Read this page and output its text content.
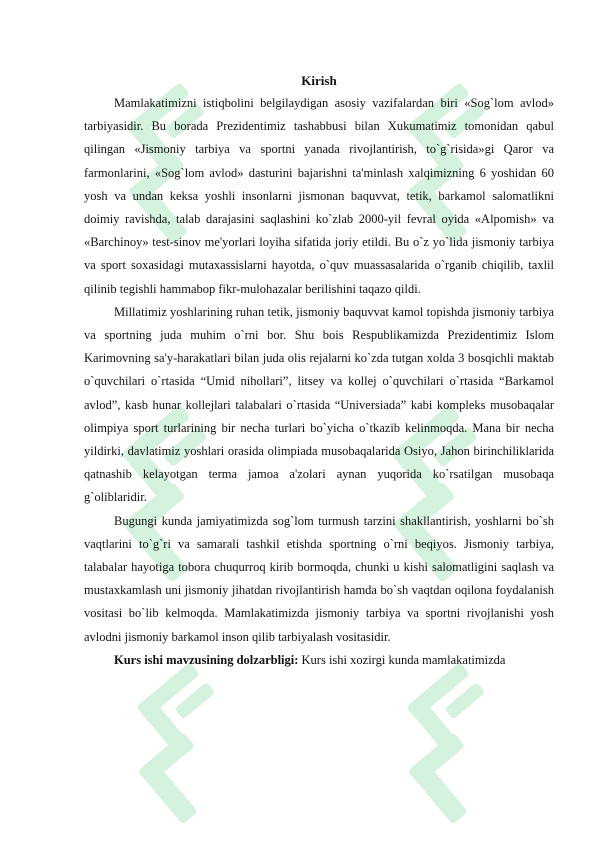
Kirish

Mamlakatimizni istiqbolini belgilaydigan asosiy vazifalardan biri «Sog`lom avlod» tarbiyasidir. Bu borada Prezidentimiz tashabbusi bilan Xukumatimiz tomonidan qabul qilingan «Jismoniy tarbiya va sportni yanada rivojlantirish, to`g`risida»gi Qaror va farmonlarini, «Sog`lom avlod» dasturini bajarishni ta'minlash xalqimizning 6 yoshidan 60 yosh va undan keksa yoshli insonlarni jismonan baquvvat, tetik, barkamol salomatlikni doimiy ravishda, talab darajasini saqlashini ko`zlab 2000-yil fevral oyida «Alpomish» va «Barchinoy» test-sinov me'yorlari loyiha sifatida joriy etildi. Bu o`z yo`lida jismoniy tarbiya va sport soxasidagi mutaxassislarni hayotda, o`quv muassasalarida o`rganib chiqilib, taxlil qilinib tegishli hammabop fikr-mulohazalar berilishini taqazo qildi.

Millatimiz yoshlarining ruhan tetik, jismoniy baquvvat kamol topishda jismoniy tarbiya va sportning juda muhim o`rni bor. Shu bois Respublikamizda Prezidentimiz Islom Karimovning sa'y-harakatlari bilan juda olis rejalarni ko`zda tutgan xolda 3 bosqichli maktab o`quvchilari o`rtasida “Umid nihollari”, litsey va kollej o`quvchilari o`rtasida “Barkamol avlod”, kasb hunar kollejlari talabalari o`rtasida “Universiada” kabi kompleks musobaqalar olimpiya sport turlarining bir necha turlari bo`yicha o`tkazib kelinmoqda. Mana bir necha yildirki, davlatimiz yoshlari orasida olimpiada musobaqalarida Osiyo, Jahon birinchiliklarida qatnashib kelayotgan terma jamoa a'zolari aynan yuqorida ko`rsatilgan musobaqa g`oliblaridir.

Bugungi kunda jamiyatimizda sog`lom turmush tarzini shakllantirish, yoshlarni bo`sh vaqtlarini to`g`ri va samarali tashkil etishda sportning o`rni beqiyos. Jismoniy tarbiya, talabalar hayotiga tobora chuqurroq kirib bormoqda, chunki u kishi salomatligini saqlash va mustaxkamlash uni jismoniy jihatdan rivojlantirish hamda bo`sh vaqtdan oqilona foydalanish vositasi bo`lib kelmoqda. Mamlakatimizda jismoniy tarbiya va sportni rivojlanishi yosh avlodni jismoniy barkamol inson qilib tarbiyalash vositasidir.

Kurs ishi mavzusining dolzarbligi: Kurs ishi xozirgi kunda mamlakatimizda
